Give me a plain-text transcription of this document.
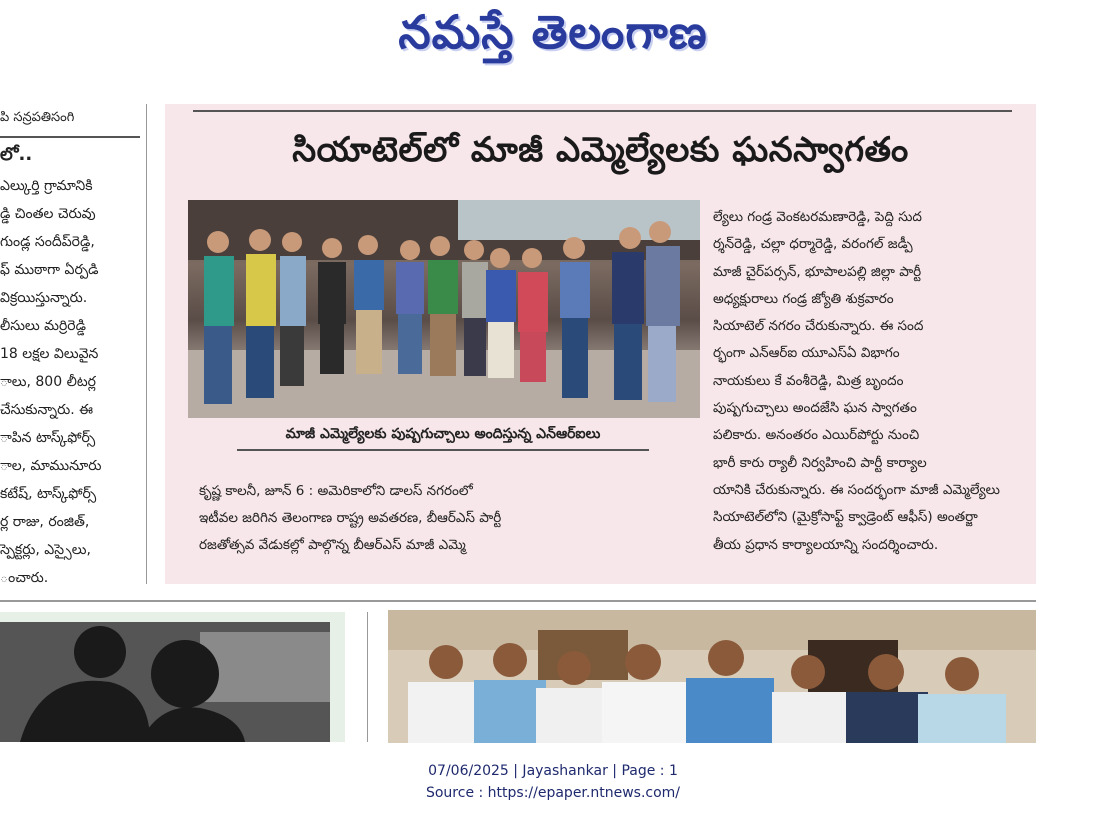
నమస్తే తెలంగాణ
పి సన్రపతిసంగి
లో..
ఎల్కుర్తి గ్రామానికి
డ్డి చింతల చెరువు
గుండ్ల సందీప్‌రెడ్డి,
ఫ్ ముఠాగా ఏర్పడి
విక్రయిస్తున్నారు.
లీసులు మర్రిరెడ్డి
18 లక్షల విలువైన
ాలు, 800 లీటర్ల
చేసుకున్నారు. ఈ
ాపిన టాస్క్‌ఫోర్స్
ాల, మామునూరు
కటేష్, టాస్క్‌ఫోర్స్
ర్ల రాజు, రంజిత్,
స్పెక్టర్లు, ఎస్సైలు,
ంచారు.
సియాటెల్‌లో మాజీ ఎమ్మెల్యేలకు ఘనస్వాగతం
మాజీ ఎమ్మెల్యేలకు పుష్పగుచ్చాలు అందిస్తున్న ఎన్‌ఆర్‌ఐలు
కృష్ణ కాలనీ, జూన్ 6 : అమెరికాలోని డాలస్ నగరంలో
ఇటీవల జరిగిన తెలంగాణ రాష్ట్ర అవతరణ, బీఆర్‌ఎస్ పార్టీ
రజతోత్సవ వేడుకల్లో పాల్గొన్న బీఆర్‌ఎస్ మాజీ ఎమ్మె
ల్యేలు గండ్ర వెంకటరమణారెడ్డి, పెద్ది సుద
ర్శన్‌రెడ్డి, చల్లా ధర్మారెడ్డి, వరంగల్ జడ్పీ
మాజీ చైర్‌పర్సన్, భూపాలపల్లి జిల్లా పార్టీ
అధ్యక్షురాలు గండ్ర జ్యోతి శుక్రవారం
సియాటెల్ నగరం చేరుకున్నారు. ఈ సంద
ర్భంగా ఎన్‌ఆర్‌ఐ యూఎస్‌ఏ విభాగం
నాయకులు కే వంశీరెడ్డి, మిత్ర బృందం
పుష్పగుచ్చాలు అందజేసి ఘన స్వాగతం
పలికారు. అనంతరం ఎయిర్‌పోర్టు నుంచి
భారీ కారు ర్యాలీ నిర్వహించి పార్టీ కార్యాల
యానికి చేరుకున్నారు. ఈ సందర్భంగా మాజీ ఎమ్మెల్యేలు
సియాటెల్‌లోని (మైక్రోసాఫ్ట్ క్వాడ్రెంట్ ఆఫీస్) అంతర్జా
తీయ ప్రధాన కార్యాలయాన్ని సందర్శించారు.
07/06/2025 | Jayashankar | Page : 1
Source : https://epaper.ntnews.com/
